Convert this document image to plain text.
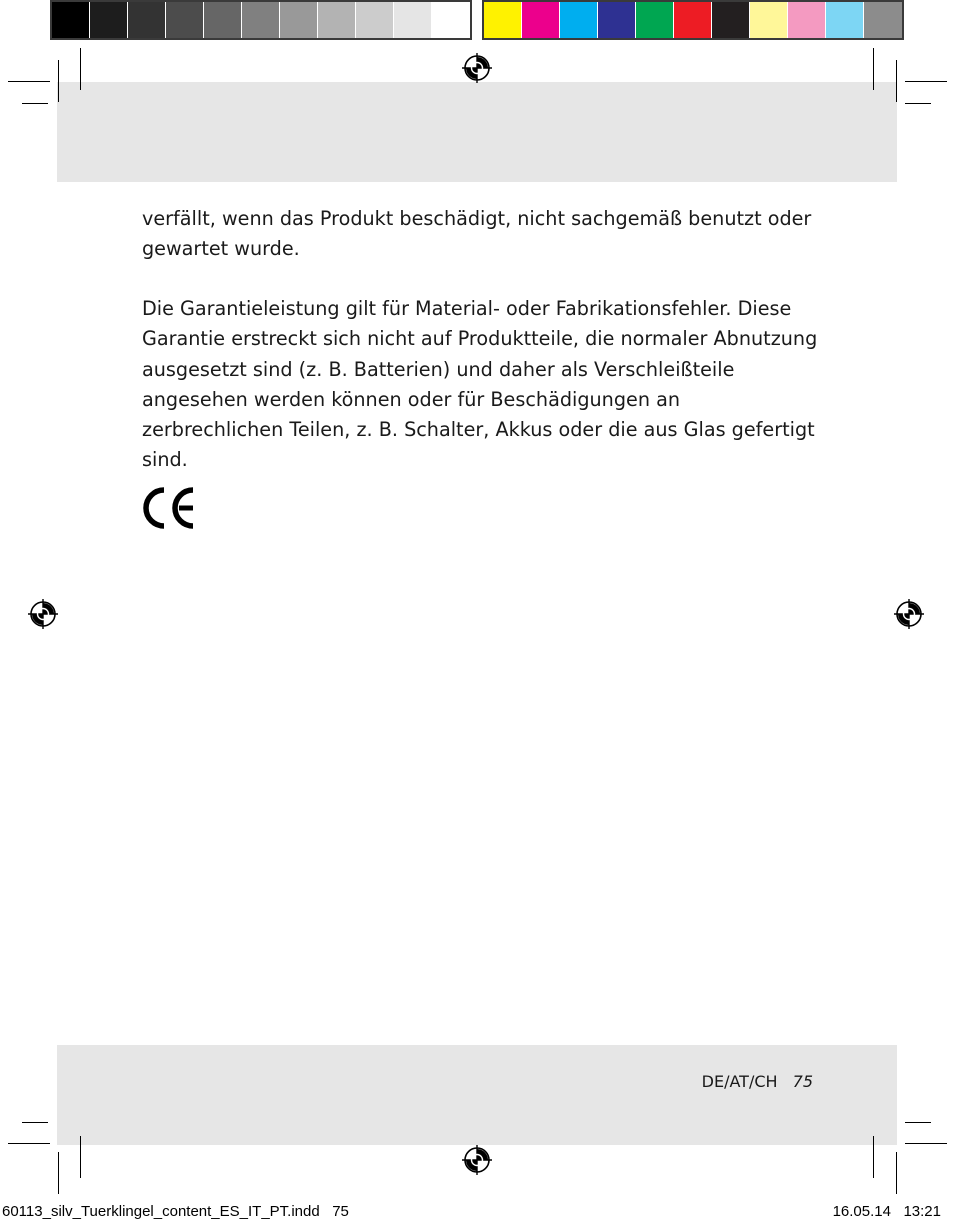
verfällt, wenn das Produkt beschädigt, nicht sachgemäß benutzt oder gewartet wurde.

Die Garantieleistung gilt für Material- oder Fabrikationsfehler. Diese Garantie erstreckt sich nicht auf Produktteile, die normaler Abnutzung ausgesetzt sind (z. B. Batterien) und daher als Verschleißteile angesehen werden können oder für Beschädigungen an zerbrechlichen Teilen, z. B. Schalter, Akkus oder die aus Glas gefertigt sind.

DE/AT/CH 75
60113_silv_Tuerklingel_content_ES_IT_PT.indd   75	16.05.14   13:21
